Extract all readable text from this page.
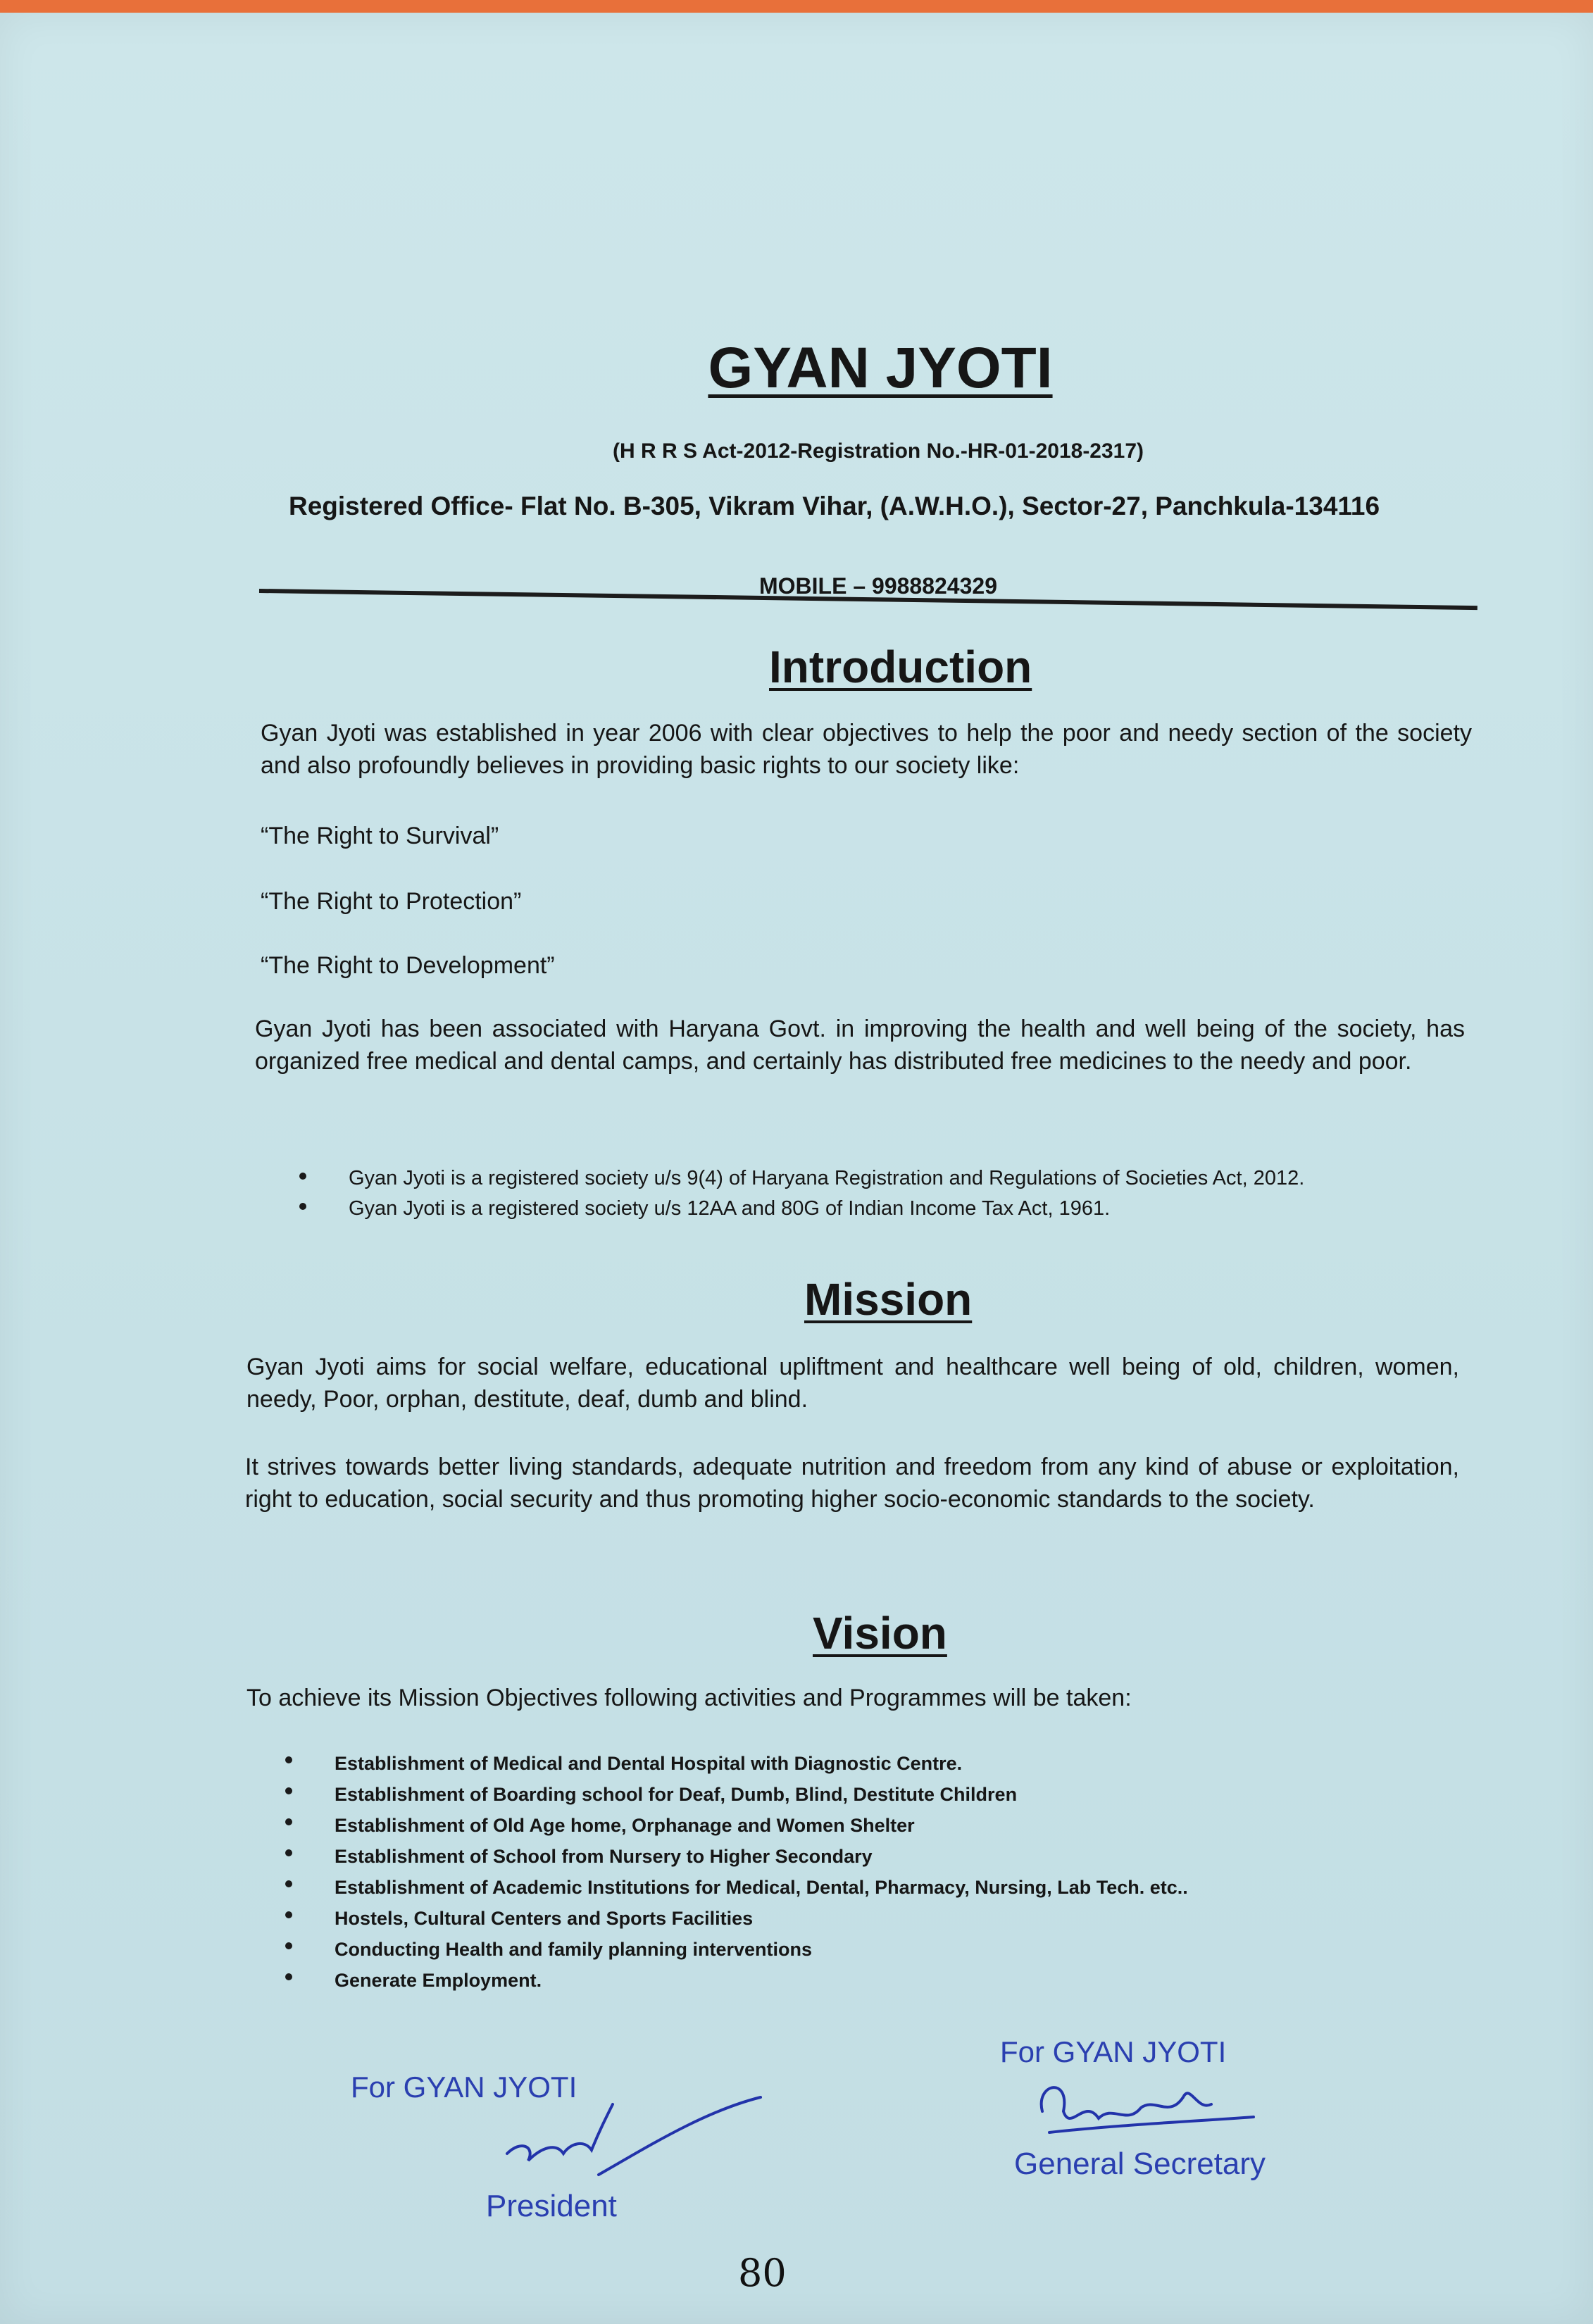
GYAN JYOTI
(H R R S Act-2012-Registration No.-HR-01-2018-2317)
Registered Office- Flat No. B-305, Vikram Vihar, (A.W.H.O.), Sector-27, Panchkula-134116
MOBILE – 9988824329
Introduction
Gyan Jyoti was established in year 2006 with clear objectives to help the poor and needy section of the society and also profoundly believes in providing basic rights to our society like:
“The Right to Survival”
“The Right to Protection”
“The Right to Development”
Gyan Jyoti has been associated with Haryana Govt. in improving the health and well being of the society, has organized free medical and dental camps, and certainly has distributed free medicines to the needy and poor.
Gyan Jyoti is a registered society u/s 9(4) of Haryana Registration and Regulations of Societies Act, 2012.
Gyan Jyoti is a registered society u/s 12AA and 80G of Indian Income Tax Act, 1961.
Mission
Gyan Jyoti aims for social welfare, educational upliftment and healthcare well being of old, children, women, needy, Poor, orphan, destitute, deaf, dumb and blind.
It strives towards better living standards, adequate nutrition and freedom from any kind of abuse or exploitation, right to education, social security and thus promoting higher socio-economic standards to the society.
Vision
To achieve its Mission Objectives following activities and Programmes will be taken:
Establishment of Medical and Dental Hospital with Diagnostic Centre.
Establishment of Boarding school for Deaf, Dumb, Blind, Destitute Children
Establishment of Old Age home, Orphanage and Women Shelter
Establishment of School from Nursery to Higher Secondary
Establishment of Academic Institutions for Medical, Dental, Pharmacy, Nursing, Lab Tech. etc..
Hostels, Cultural Centers and Sports Facilities
Conducting Health and family planning interventions
Generate Employment.
For GYAN JYOTI
President
For GYAN JYOTI
General Secretary
80
